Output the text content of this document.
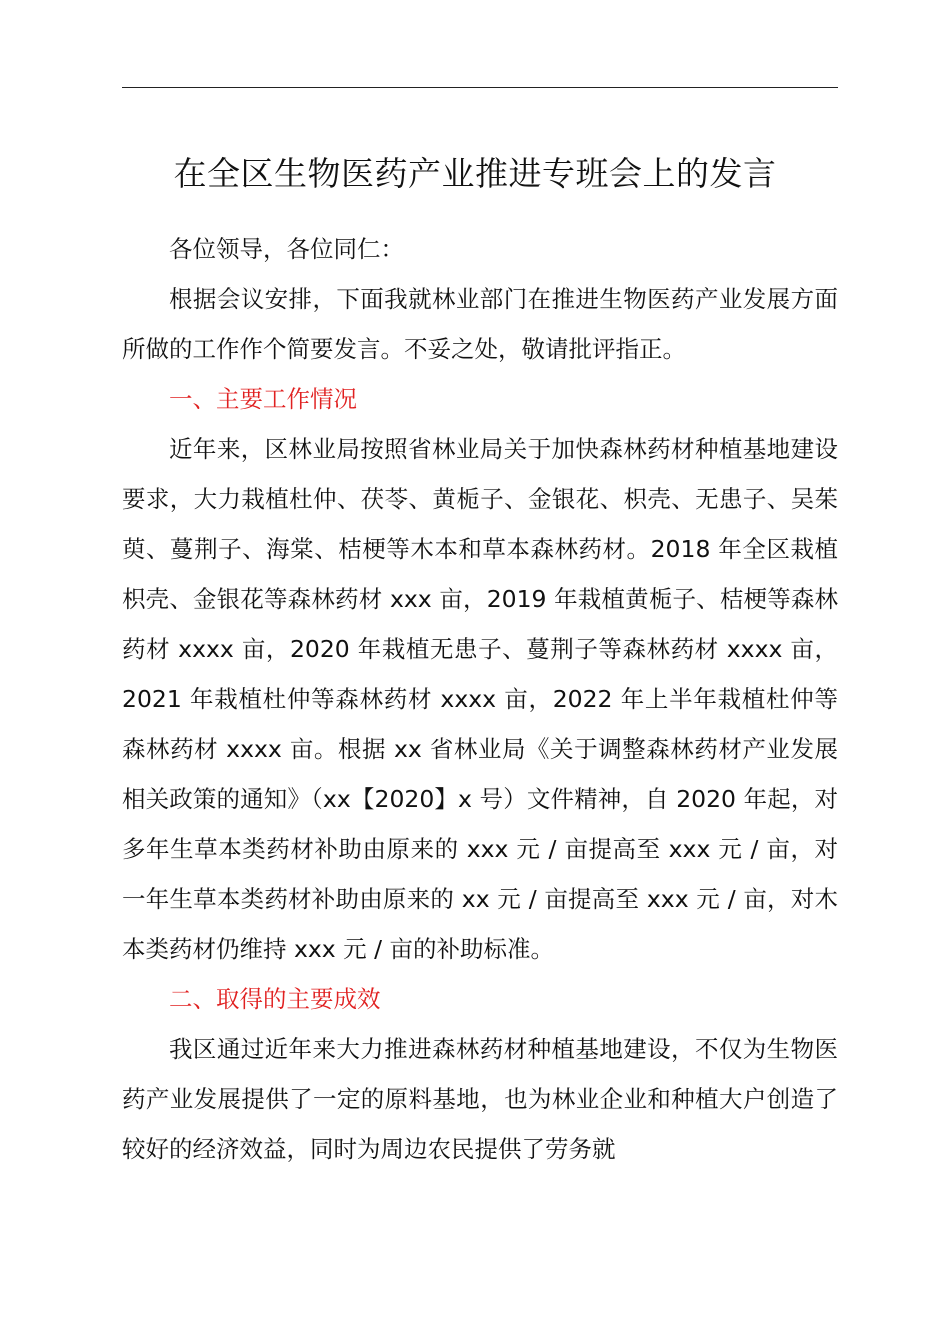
在全区生物医药产业推进专班会上的发言

各位领导，各位同仁：

根据会议安排，下面我就林业部门在推进生物医药产业发展方面所做的工作作个简要发言。不妥之处，敬请批评指正。

一、主要工作情况

近年来，区林业局按照省林业局关于加快森林药材种植基地建设要求，大力栽植杜仲、茯苓、黄栀子、金银花、枳壳、无患子、吴茱萸、蔓荆子、海棠、桔梗等木本和草本森林药材。2018 年全区栽植枳壳、金银花等森林药材 xxx 亩，2019 年栽植黄栀子、桔梗等森林药材 xxxx 亩，2020 年栽植无患子、蔓荆子等森林药材 xxxx 亩，2021 年栽植杜仲等森林药材 xxxx 亩，2022 年上半年栽植杜仲等森林药材 xxxx 亩。根据 xx 省林业局《关于调整森林药材产业发展相关政策的通知》（xx【2020】x 号）文件精神，自 2020 年起，对多年生草本类药材补助由原来的 xxx 元 / 亩提高至 xxx 元 / 亩，对一年生草本类药材补助由原来的 xx 元 / 亩提高至 xxx 元 / 亩，对木本类药材仍维持 xxx 元 / 亩的补助标准。

二、取得的主要成效

我区通过近年来大力推进森林药材种植基地建设，不仅为生物医药产业发展提供了一定的原料基地，也为林业企业和种植大户创造了较好的经济效益，同时为周边农民提供了劳务就
